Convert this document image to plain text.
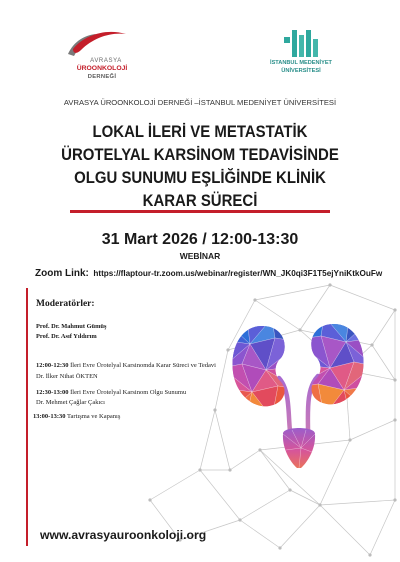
AVRASYA
ÜROONKOLOJİ
DERNEĞİ
İSTANBUL MEDENİYET
ÜNİVERSİTESİ
AVRASYA ÜROONKOLOJİ DERNEĞİ –İSTANBUL MEDENİYET ÜNİVERSİTESİ
LOKAL İLERİ VE METASTATİK
ÜROTELYAL KARSİNOM TEDAVİSİNDE
OLGU SUNUMU EŞLİĞİNDE KLİNİK
KARAR SÜRECİ
31 Mart 2026 / 12:00-13:30
WEBİNAR
Zoom Link: https://flaptour-tr.zoom.us/webinar/register/WN_JK0qi3F1T5ejYniKtkOuFw
Moderatörler:
Prof. Dr. Mahmut Gümüş
Prof. Dr. Asıf Yıldırım
12:00-12:30 İleri Evre Ürotelyal Karsinomda Karar Süreci ve Tedavi
Dr. İlker Nihat ÖKTEN
12:30-13:00 İleri Evre Ürotelyal Karsinom Olgu Sunumu
Dr. Mehmet Çağlar Çakıcı
13:00-13:30 Tartışma ve Kapanış
www.avrasyauroonkoloji.org
